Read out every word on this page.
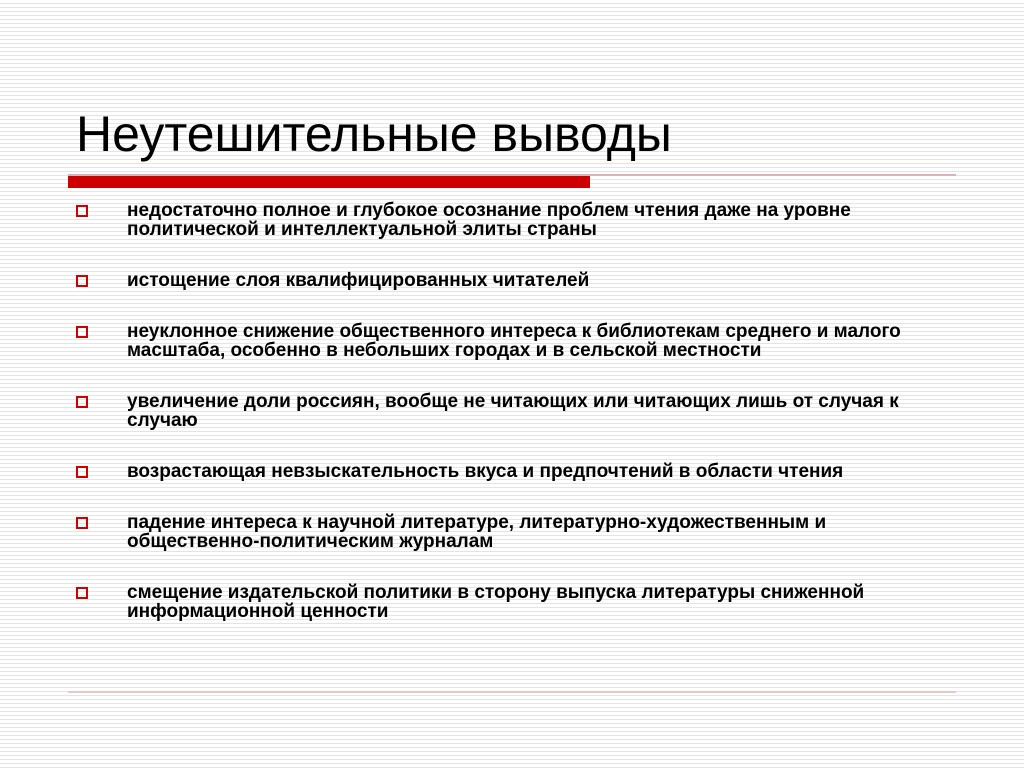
Неутешительные выводы
недостаточно полное и глубокое осознание проблем чтения даже на уровне политической и интеллектуальной элиты страны
истощение слоя квалифицированных читателей
неуклонное снижение общественного интереса к библиотекам среднего и малого масштаба, особенно в небольших городах и в сельской местности
увеличение доли россиян, вообще не читающих или читающих лишь от случая к случаю
возрастающая невзыскательность вкуса и предпочтений в области чтения
падение интереса к научной литературе, литературно-художественным и общественно-политическим журналам
смещение издательской политики в сторону выпуска литературы сниженной информационной ценности
